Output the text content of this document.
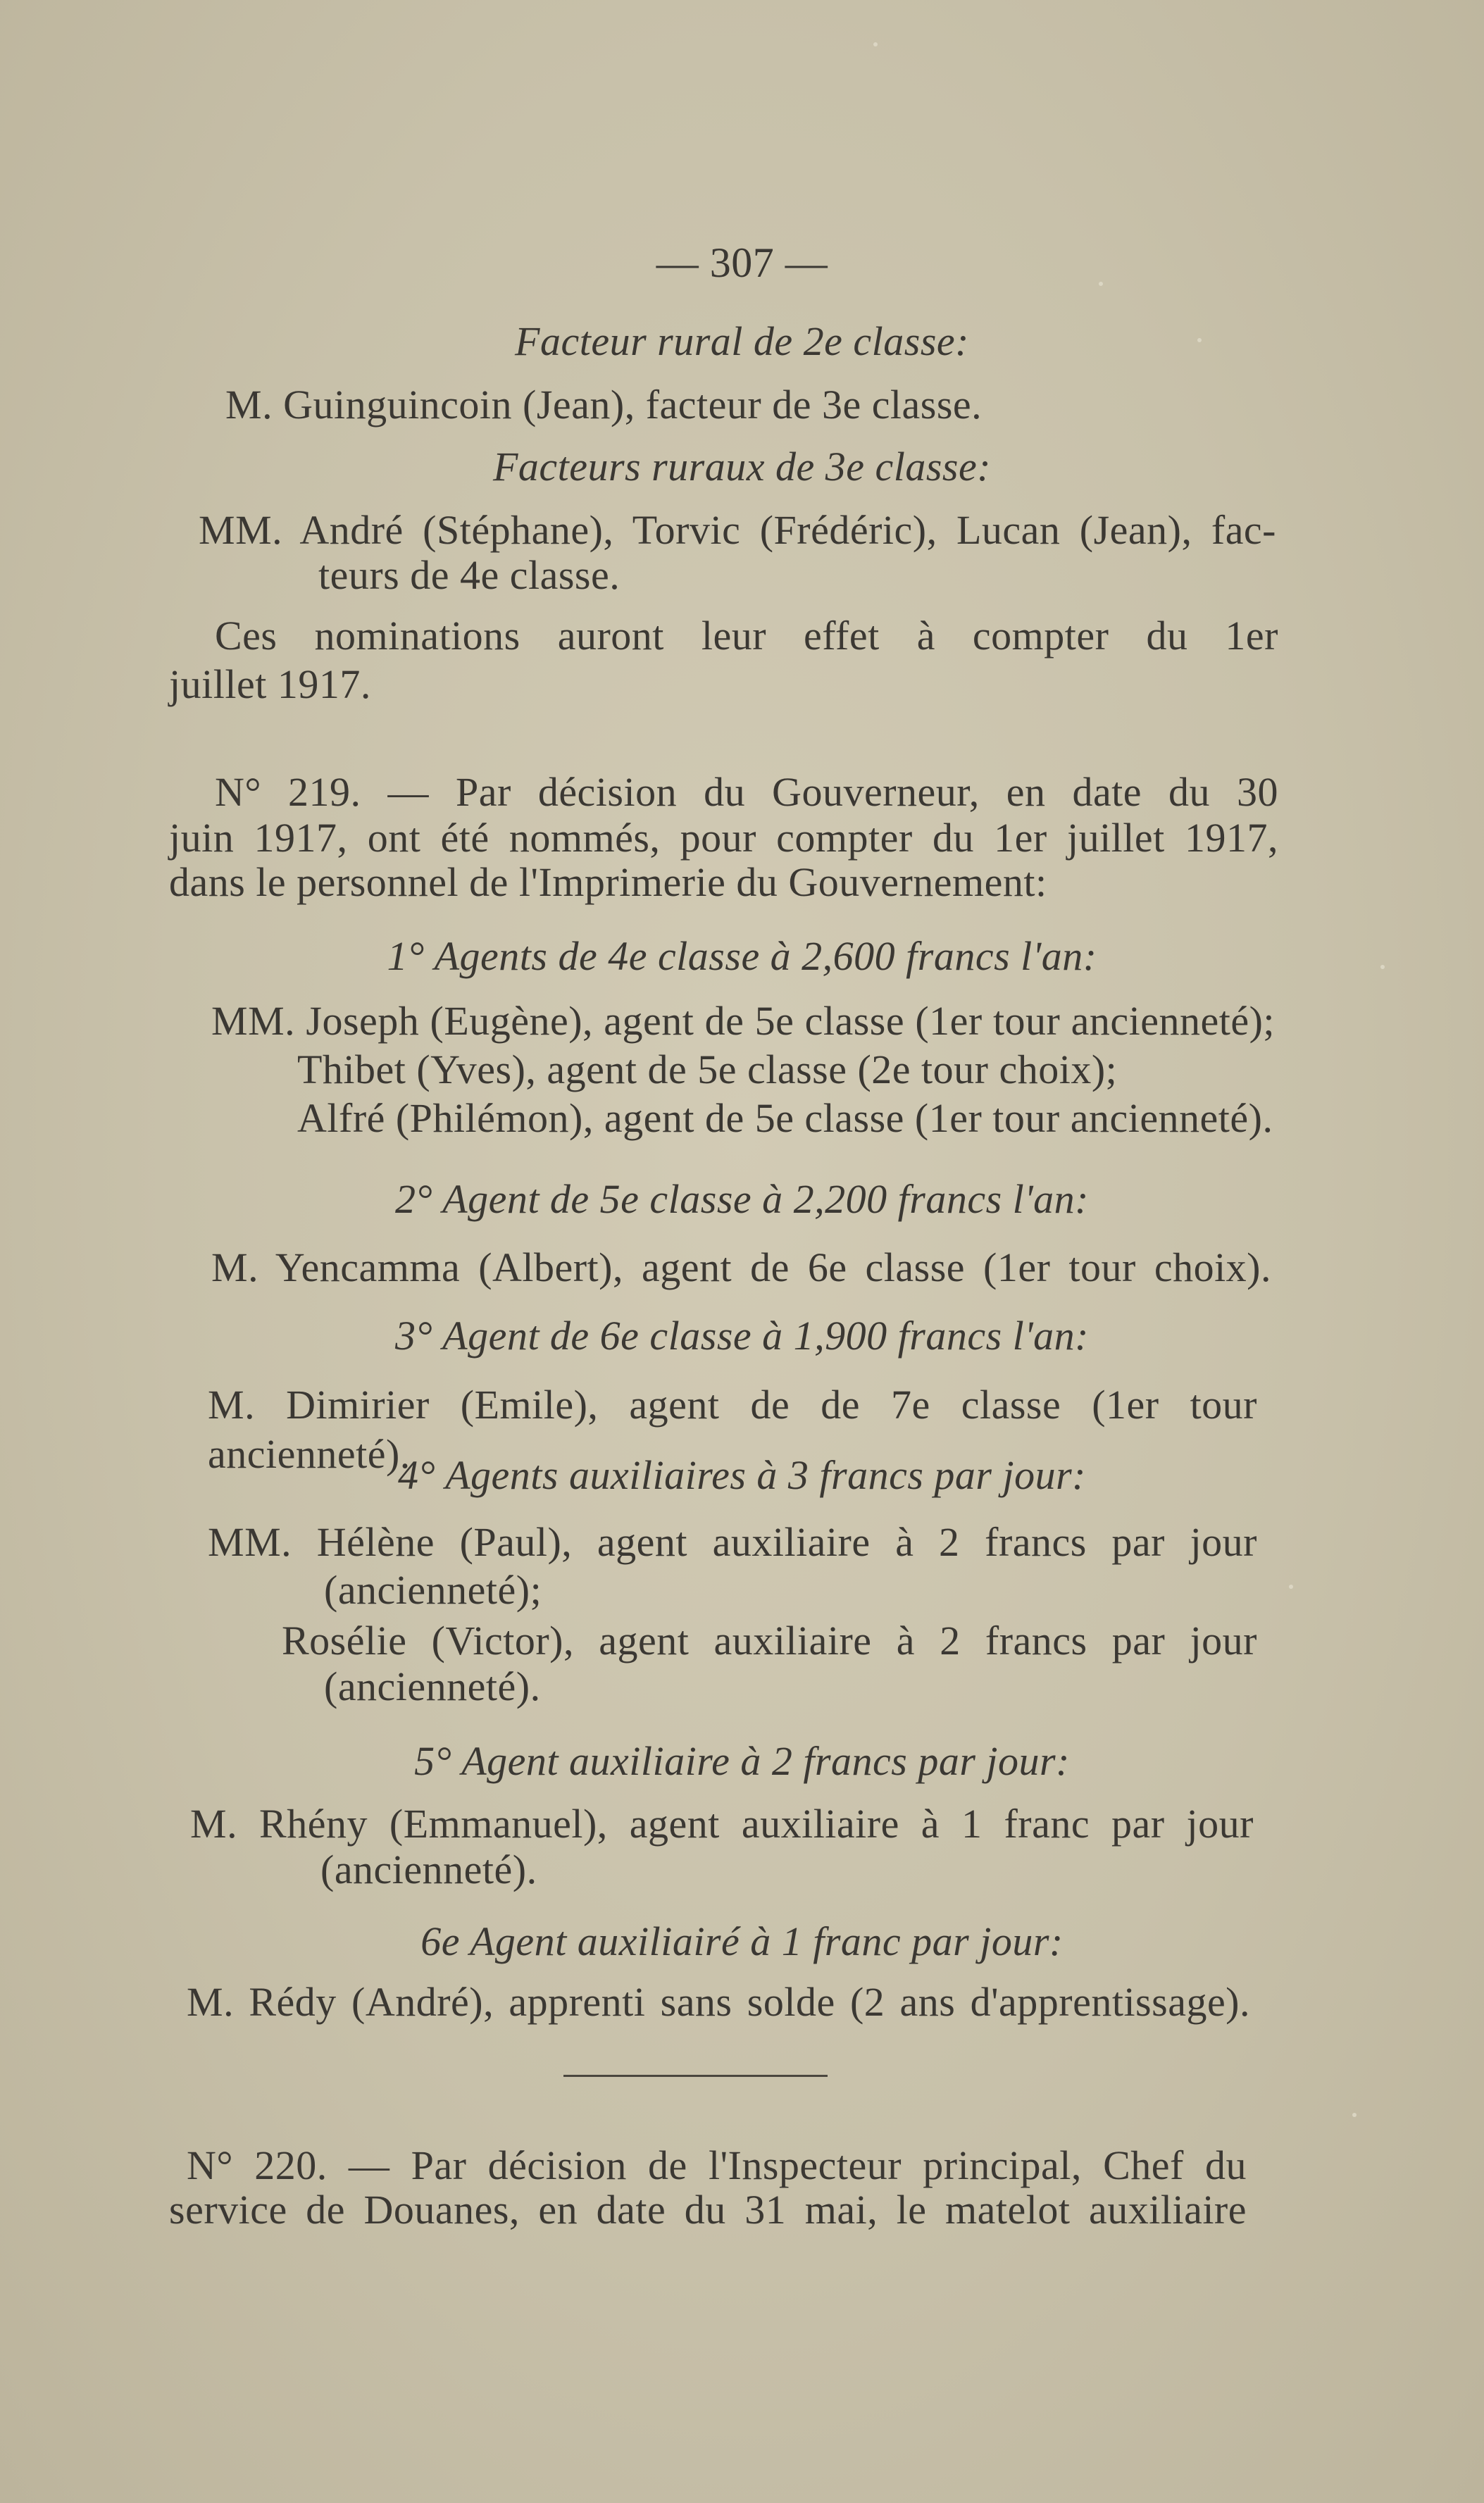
— 307 —

Facteur rural de 2e classe:

M. Guinguincoin (Jean), facteur de 3e classe.

Facteurs ruraux de 3e classe:

MM. André (Stéphane), Torvic (Frédéric), Lucan (Jean), fac-

teurs de 4e classe.

Ces nominations auront leur effet à compter du 1er

juillet 1917.

N° 219. — Par décision du Gouverneur, en date du 30

juin 1917, ont été nommés, pour compter du 1er juillet 1917,

dans le personnel de l'Imprimerie du Gouvernement:

1° Agents de 4e classe à 2,600 francs l'an:

MM. Joseph (Eugène), agent de 5e classe (1er tour ancienneté);

Thibet (Yves), agent de 5e classe (2e tour choix);

Alfré (Philémon), agent de 5e classe (1er tour ancienneté).

2° Agent de 5e classe à 2,200 francs l'an:

M. Yencamma (Albert), agent de 6e classe (1er tour choix).

3° Agent de 6e classe à 1,900 francs l'an:

M. Dimirier (Emile), agent de de 7e classe (1er tour ancienneté).

4° Agents auxiliaires à 3 francs par jour:

MM. Hélène (Paul), agent auxiliaire à 2 francs par jour

(ancienneté);

Rosélie (Victor), agent auxiliaire à 2 francs par jour

(ancienneté).

5° Agent auxiliaire à 2 francs par jour:

M. Rhény (Emmanuel), agent auxiliaire à 1 franc par jour

(ancienneté).

6e Agent auxiliairé à 1 franc par jour:

M. Rédy (André), apprenti sans solde (2 ans d'apprentissage).

N° 220. — Par décision de l'Inspecteur principal, Chef du

service de Douanes, en date du 31 mai, le matelot auxiliaire
